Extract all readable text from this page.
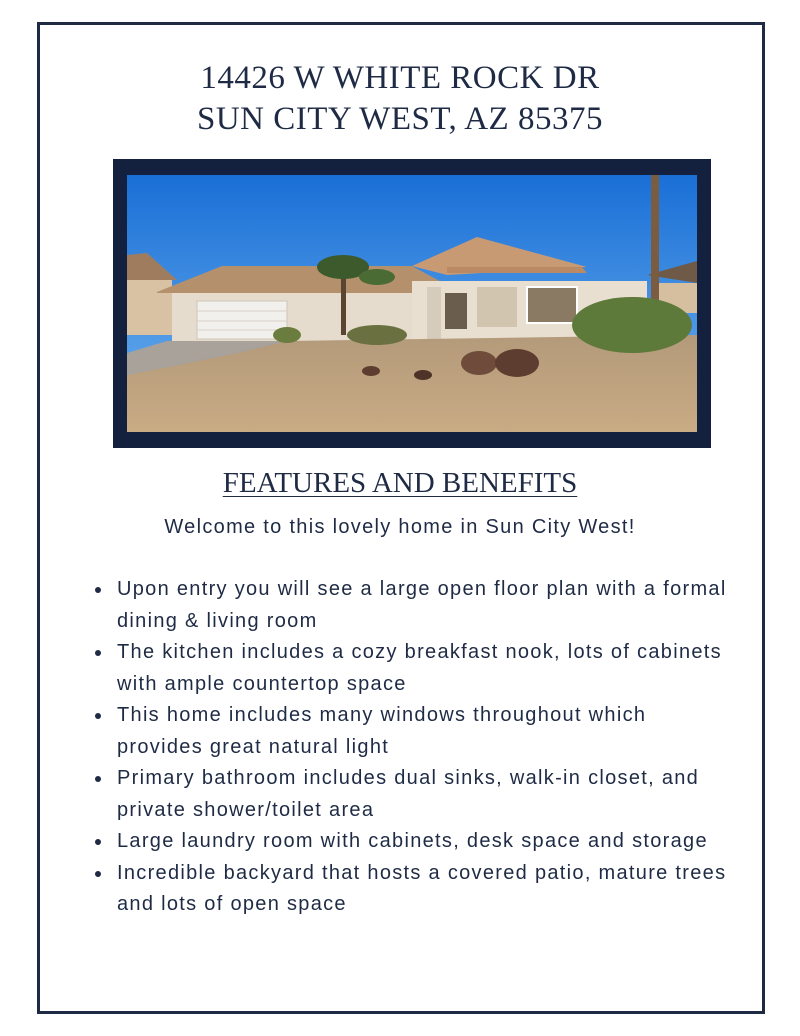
14426 W WHITE ROCK DR
SUN CITY WEST, AZ 85375
FEATURES AND BENEFITS
Welcome to this lovely home in Sun City West!
Upon entry you will see a large open floor plan with a formal dining & living room
The kitchen includes a cozy breakfast nook, lots of cabinets with ample countertop space
This home includes many windows throughout which provides great natural light
Primary bathroom includes dual sinks, walk-in closet, and private shower/toilet area
Large laundry room with cabinets, desk space and storage
Incredible backyard that hosts a covered patio, mature trees and lots of open space
